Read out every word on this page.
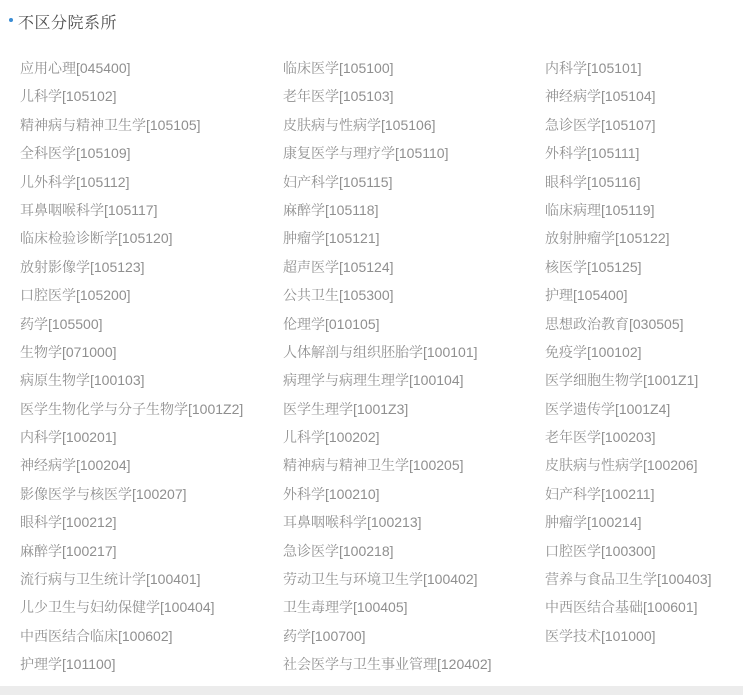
不区分院系所
应用心理[045400]	临床医学[105100]	内科学[105101]
儿科学[105102]	老年医学[105103]	神经病学[105104]
精神病与精神卫生学[105105]	皮肤病与性病学[105106]	急诊医学[105107]
全科医学[105109]	康复医学与理疗学[105110]	外科学[105111]
儿外科学[105112]	妇产科学[105115]	眼科学[105116]
耳鼻咽喉科学[105117]	麻醉学[105118]	临床病理[105119]
临床检验诊断学[105120]	肿瘤学[105121]	放射肿瘤学[105122]
放射影像学[105123]	超声医学[105124]	核医学[105125]
口腔医学[105200]	公共卫生[105300]	护理[105400]
药学[105500]	伦理学[010105]	思想政治教育[030505]
生物学[071000]	人体解剖与组织胚胎学[100101]	免疫学[100102]
病原生物学[100103]	病理学与病理生理学[100104]	医学细胞生物学[1001Z1]
医学生物化学与分子生物学[1001Z2]	医学生理学[1001Z3]	医学遗传学[1001Z4]
内科学[100201]	儿科学[100202]	老年医学[100203]
神经病学[100204]	精神病与精神卫生学[100205]	皮肤病与性病学[100206]
影像医学与核医学[100207]	外科学[100210]	妇产科学[100211]
眼科学[100212]	耳鼻咽喉科学[100213]	肿瘤学[100214]
麻醉学[100217]	急诊医学[100218]	口腔医学[100300]
流行病与卫生统计学[100401]	劳动卫生与环境卫生学[100402]	营养与食品卫生学[100403]
儿少卫生与妇幼保健学[100404]	卫生毒理学[100405]	中西医结合基础[100601]
中西医结合临床[100602]	药学[100700]	医学技术[101000]
护理学[101100]	社会医学与卫生事业管理[120402]
